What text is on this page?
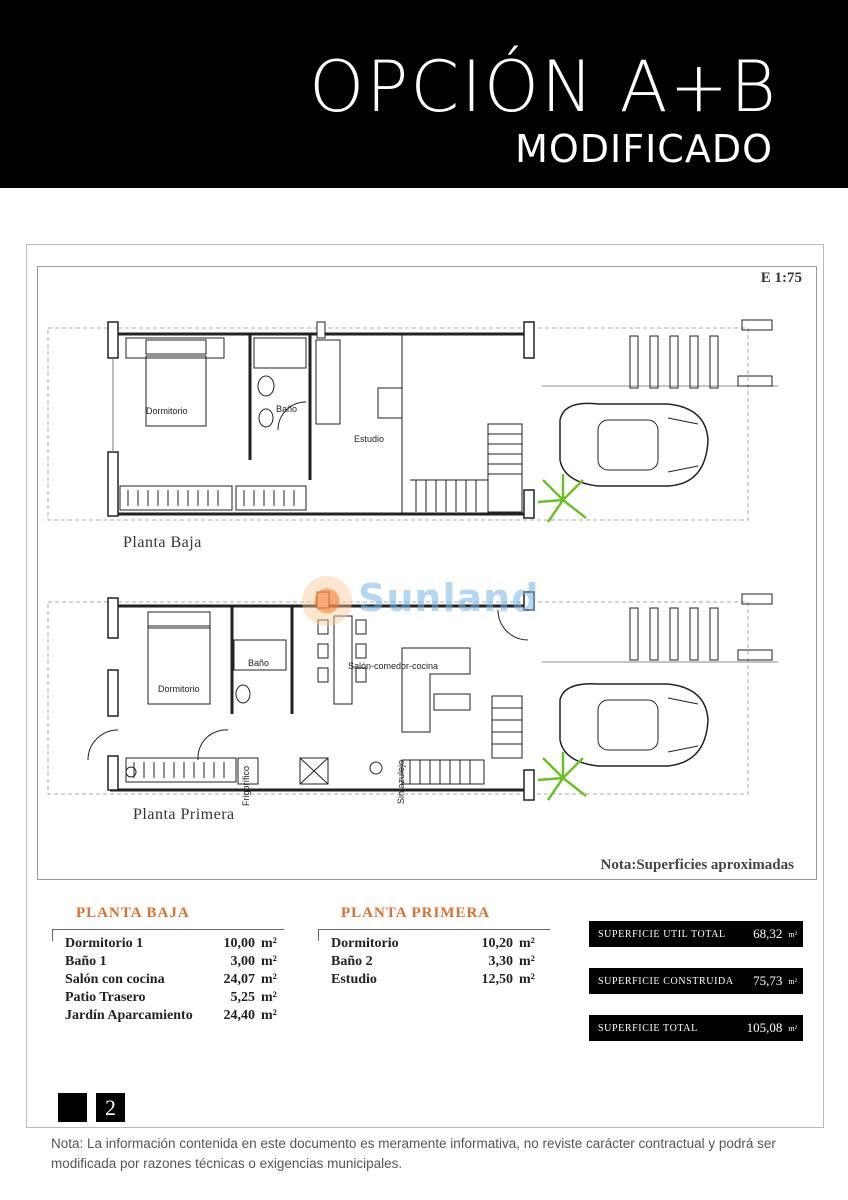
OPCIÓN A+B
MODIFICADO
E 1:75
Dormitorio	Baño
Estudio
Dormitorio
Baño	Salón-comedor-cocina
Frigorífico	Sin azulejo
Planta Baja
Planta Primera
Sunland
Nota:Superficies aproximadas
PLANTA BAJA
Dormitorio 1	10,00 m²
Baño 1	3,00 m²
Salón con cocina	24,07 m²
Patio Trasero	5,25 m²
Jardín Aparcamiento	24,40 m²
PLANTA PRIMERA
Dormitorio	10,20 m²
Baño 2	3,30 m²
Estudio	12,50 m²
SUPERFICIE UTIL TOTAL 68,32 m²
SUPERFICIE CONSTRUIDA 75,73 m²
SUPERFICIE TOTAL	105,08 m²
2
Nota: La información contenida en este documento es meramente informativa, no reviste carácter contractual y podrá ser modificada por razones técnicas o exigencias municipales.
